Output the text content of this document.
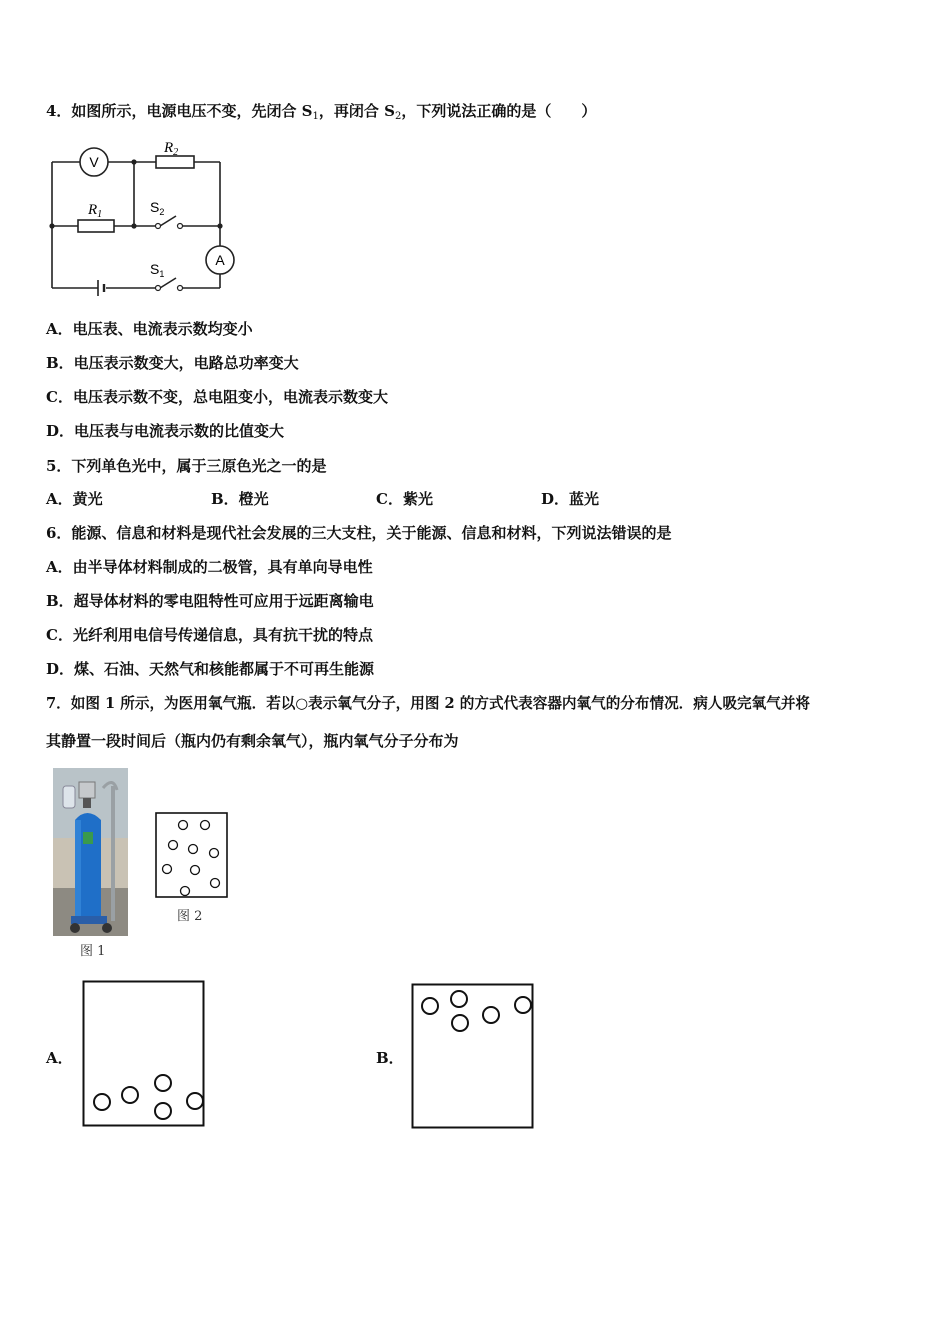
4．如图所示，电源电压不变，先闭合 $S_1$，再闭合 $S_2$，下列说法正确的是（　　）
V
$R_2$
$R_1$	$S_2$
A
$S_1$
A．电压表、电流表示数均变小
B．电压表示数变大，电路总功率变大
C．电压表示数不变，总电阻变小，电流表示数变大
D．电压表与电流表示数的比值变大
5．下列单色光中，属于三原色光之一的是
A．黄光	B．橙光	C．紫光	D．蓝光
6．能源、信息和材料是现代社会发展的三大支柱，关于能源、信息和材料，下列说法错误的是
A．由半导体材料制成的二极管，具有单向导电性
B．超导体材料的零电阻特性可应用于远距离输电
C．光纤利用电信号传递信息，具有抗干扰的特点
D．煤、石油、天然气和核能都属于不可再生能源
7．如图 1 所示，为医用氧气瓶．若以○表示氧气分子，用图 2 的方式代表容器内氧气的分布情况．病人吸完氧气并将
其静置一段时间后（瓶内仍有剩余氧气），瓶内氧气分子分布为
图 1
图 2
A．	B．
